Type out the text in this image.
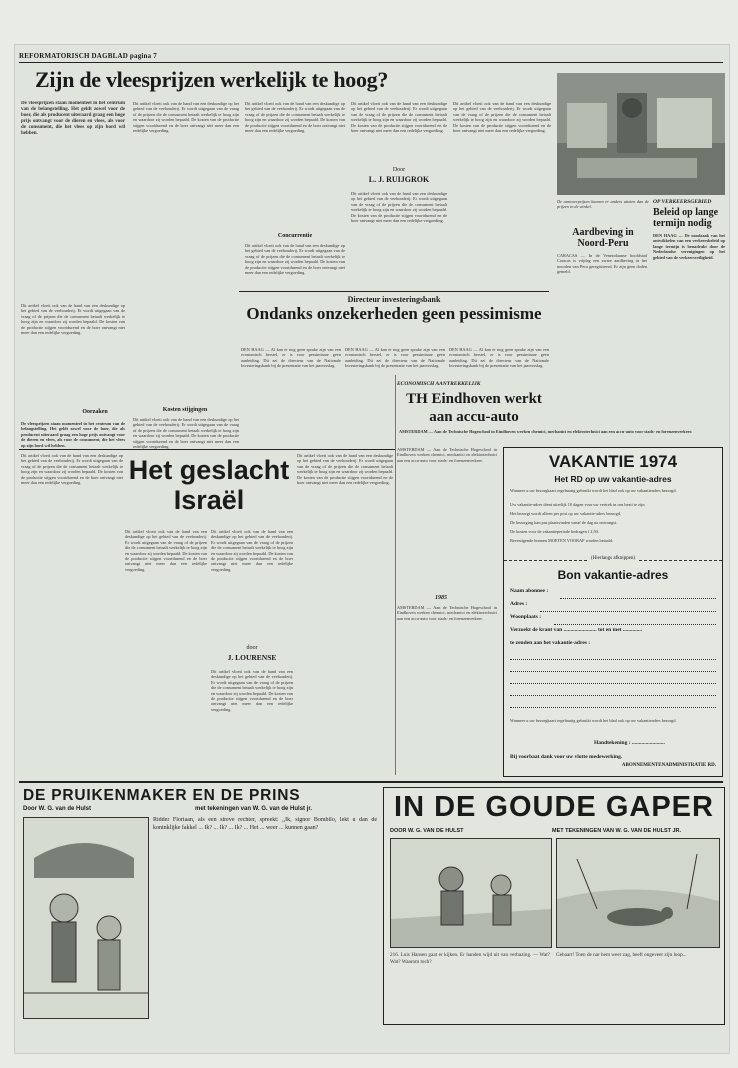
REFORMATORISCH DAGBLAD pagina 7
Zijn de vleesprijzen werkelijk te hoog?
De vleesprijzen staan momenteel in het centrum van de belangstelling. Het geldt zowel voor de boer, die als producent uiteraard graag een hoge prijs ontvangt voor de dieren en vlees, als voor de consument, die het vlees op zijn bord wil hebben.
Oorzaken
Dit artikel vloeit ook van de hand van een deskundige op het gebied van de veehouderij. Er wordt uitgegaan van de vraag of de prijzen die de consument betaalt werkelijk te hoog zijn en waardoor zij worden bepaald. De kosten van de productie stijgen voortdurend en de boer ontvangt niet meer dan een redelijke vergoeding.
De vleesprijzen staan momenteel in het centrum van de belangstelling. Het geldt zowel voor de boer, die als producent uiteraard graag een hoge prijs ontvangt voor de dieren en vlees, als voor de consument, die het vlees op zijn bord wil hebben.
Dit artikel vloeit ook van de hand van een deskundige op het gebied van de veehouderij. Er wordt uitgegaan van de vraag of de prijzen die de consument betaalt werkelijk te hoog zijn en waardoor zij worden bepaald. De kosten van de productie stijgen voortdurend en de boer ontvangt niet meer dan een redelijke vergoeding.
Kosten stijgingen
Dit artikel vloeit ook van de hand van een deskundige op het gebied van de veehouderij. Er wordt uitgegaan van de vraag of de prijzen die de consument betaalt werkelijk te hoog zijn en waardoor zij worden bepaald. De kosten van de productie stijgen voortdurend en de boer ontvangt niet meer dan een redelijke vergoeding.
Dit artikel vloeit ook van de hand van een deskundige op het gebied van de veehouderij. Er wordt uitgegaan van de vraag of de prijzen die de consument betaalt werkelijk te hoog zijn en waardoor zij worden bepaald. De kosten van de productie stijgen voortdurend en de boer ontvangt niet meer dan een redelijke vergoeding.
Concurrentie
Dit artikel vloeit ook van de hand van een deskundige op het gebied van de veehouderij. Er wordt uitgegaan van de vraag of de prijzen die de consument betaalt werkelijk te hoog zijn en waardoor zij worden bepaald. De kosten van de productie stijgen voortdurend en de boer ontvangt niet meer dan een redelijke vergoeding.
Dit artikel vloeit ook van de hand van een deskundige op het gebied van de veehouderij. Er wordt uitgegaan van de vraag of de prijzen die de consument betaalt werkelijk te hoog zijn en waardoor zij worden bepaald. De kosten van de productie stijgen voortdurend en de boer ontvangt niet meer dan een redelijke vergoeding.
Door
L. J. RUIJGROK
Dit artikel vloeit ook van de hand van een deskundige op het gebied van de veehouderij. Er wordt uitgegaan van de vraag of de prijzen die de consument betaalt werkelijk te hoog zijn en waardoor zij worden bepaald. De kosten van de productie stijgen voortdurend en de boer ontvangt niet meer dan een redelijke vergoeding.
Dit artikel vloeit ook van de hand van een deskundige op het gebied van de veehouderij. Er wordt uitgegaan van de vraag of de prijzen die de consument betaalt werkelijk te hoog zijn en waardoor zij worden bepaald. De kosten van de productie stijgen voortdurend en de boer ontvangt niet meer dan een redelijke vergoeding.
De aanvoerprijzen kunnen er anders uitzien dan de prijzen in de winkel.
Aardbeving in Noord-Peru
CARACAS — In de Venezolaanse hoofdstad Caracas is vrijdag een zware aardbeving in het noorden van Peru geregistreerd. Er zijn geen doden gemeld.
OP VERKEERSGEBIED
Beleid op lange termijn nodig
DEN HAAG — De noodzaak van het ontwikkelen van een verkeersbeleid op lange termijn is benadrukt door de Nederlandse verenigingen op het gebied van de verkeersveiligheid.
Directeur investeringsbank
Ondanks onzekerheden geen pessimisme
DEN HAAG — Al kan er nog geen sprake zijn van een economisch herstel, er is voor pessimisme geen aanleiding. Dit zei de directeur van de Nationale Investeringsbank bij de presentatie van het jaarverslag.
DEN HAAG — Al kan er nog geen sprake zijn van een economisch herstel, er is voor pessimisme geen aanleiding. Dit zei de directeur van de Nationale Investeringsbank bij de presentatie van het jaarverslag.
DEN HAAG — Al kan er nog geen sprake zijn van een economisch herstel, er is voor pessimisme geen aanleiding. Dit zei de directeur van de Nationale Investeringsbank bij de presentatie van het jaarverslag.
ECONOMISCH AANTREKKELIJK
TH Eindhoven werkt aan accu-auto
AMSTERDAM — Aan de Technische Hogeschool in Eindhoven werken chemici, mechanici en elektrotechnici aan een accu-auto voor stads- en forenzenverkeer.
AMSTERDAM — Aan de Technische Hogeschool in Eindhoven werken chemici, mechanici en elektrotechnici aan een accu-auto voor stads- en forenzenverkeer.
1985
AMSTERDAM — Aan de Technische Hogeschool in Eindhoven werken chemici, mechanici en elektrotechnici aan een accu-auto voor stads- en forenzenverkeer.
Dit artikel vloeit ook van de hand van een deskundige op het gebied van de veehouderij. Er wordt uitgegaan van de vraag of de prijzen die de consument betaalt werkelijk te hoog zijn en waardoor zij worden bepaald. De kosten van de productie stijgen voortdurend en de boer ontvangt niet meer dan een redelijke vergoeding.	Het geslacht Israël
Dit artikel vloeit ook van de hand van een deskundige op het gebied van de veehouderij. Er wordt uitgegaan van de vraag of de prijzen die de consument betaalt werkelijk te hoog zijn en waardoor zij worden bepaald. De kosten van de productie stijgen voortdurend en de boer ontvangt niet meer dan een redelijke vergoeding.
Dit artikel vloeit ook van de hand van een deskundige op het gebied van de veehouderij. Er wordt uitgegaan van de vraag of de prijzen die de consument betaalt werkelijk te hoog zijn en waardoor zij worden bepaald. De kosten van de productie stijgen voortdurend en de boer ontvangt niet meer dan een redelijke vergoeding.
door
J. LOURENSE
Dit artikel vloeit ook van de hand van een deskundige op het gebied van de veehouderij. Er wordt uitgegaan van de vraag of de prijzen die de consument betaalt werkelijk te hoog zijn en waardoor zij worden bepaald. De kosten van de productie stijgen voortdurend en de boer ontvangt niet meer dan een redelijke vergoeding.
Dit artikel vloeit ook van de hand van een deskundige op het gebied van de veehouderij. Er wordt uitgegaan van de vraag of de prijzen die de consument betaalt werkelijk te hoog zijn en waardoor zij worden bepaald. De kosten van de productie stijgen voortdurend en de boer ontvangt niet meer dan een redelijke vergoeding.
VAKANTIE 1974
Het RD op uw vakantie-adres
Wanneer u uw bezorgkaart regelmatig gebruikt wordt het blad ook op uw vakantieadres bezorgd.
Uw vakantie-adres dient uiterlijk 10 dagen voor uw vertrek in ons bezit te zijn.
Het bezorgt wordt alleen per post op uw vakantie-adres bezorgd.
De bezorging kan pas plaatsvinden vanaf de dag na ontvangst.
De kosten voor de vakantieperiode bedragen f 2,50.
Bevestigende bonnen MOETEN VOORAF worden betaald.
(Hierlangs afknippen)
Bon vakantie-adres
Naam abonnee :
Adres :
Woonplaats :
Verzoekt de krant van ........................ tot en met ..............
te zenden aan het vakantie-adres :
Wanneer u uw bezorgkaart regelmatig gebruikt wordt het blad ook op uw vakantieadres bezorgd.
Handtekening : ........................
Bij voorbaat dank voor uw vlotte medewerking.
ABONNEMENTENADMINISTRATIE RD.
DE PRUIKENMAKER EN DE PRINS
Door W. G. van de Hulst	met tekeningen van W. G. van de Hulst jr.
Ridder Floriaan, als een streve rechter, spreekt: ,,Ik, signor Bombilo, lekt u dan de koninklijke fakkel ... Ik? ... Ik? ... Ik? ... Het ... weer ... kunnen gaan?
IN DE GOUDE GAPER
DOOR W. G. VAN DE HULST	MET TEKENINGEN VAN W. G. VAN DE HULST JR.
216. Luis Hansen gaat er kijken. Er handen wijd uit van verbazing. — Wat? Wat? Waarom toch?
Gebaart! Toen de nar hem weer zag, heeft ongeveer zijn loop...
